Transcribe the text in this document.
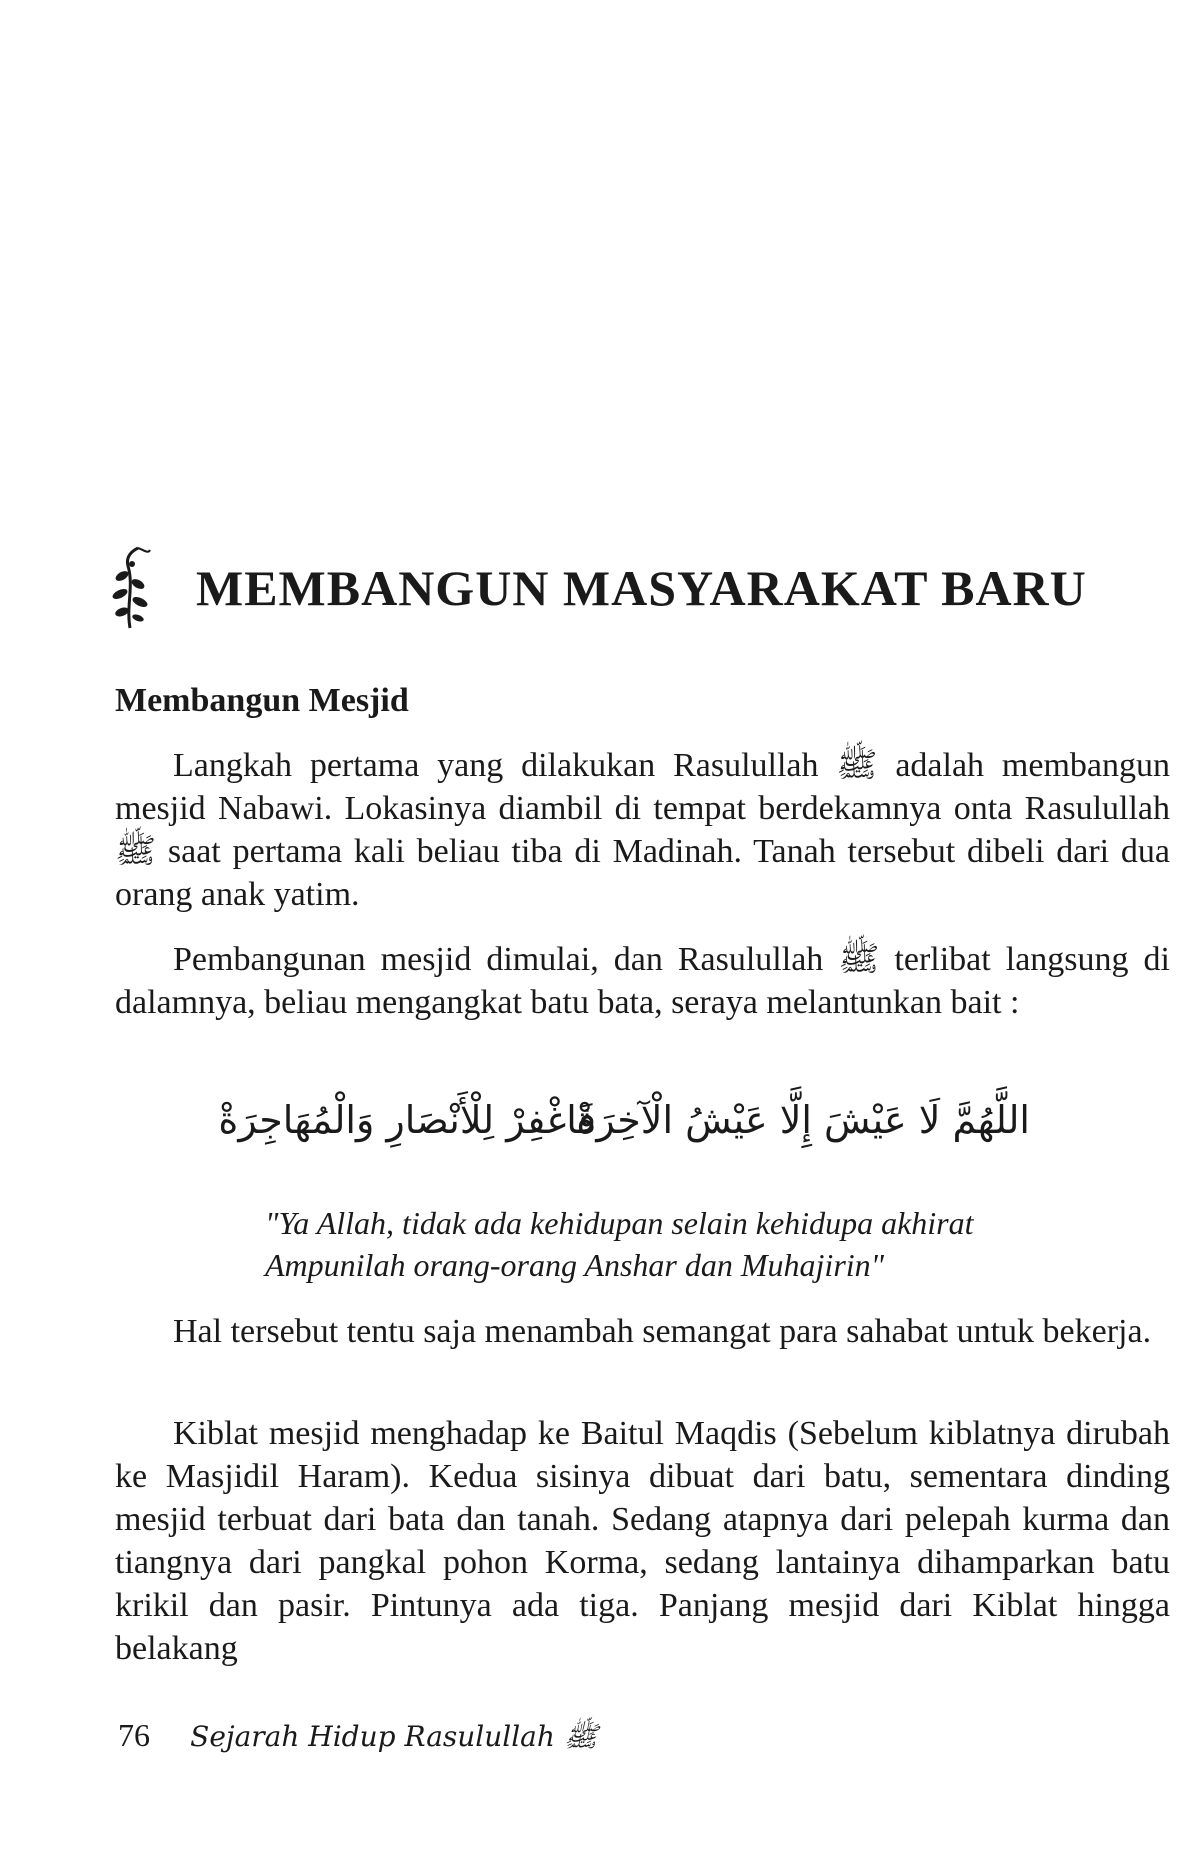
MEMBANGUN MASYARAKAT BARU
Membangun Mesjid

Langkah pertama yang dilakukan Rasulullah ﷺ adalah membangun mesjid Nabawi. Lokasinya diambil di tempat berdekamnya onta Rasulullah ﷺ saat pertama kali beliau tiba di Madinah. Tanah tersebut dibeli dari dua orang anak yatim.

Pembangunan mesjid dimulai, dan Rasulullah ﷺ terlibat langsung di dalamnya, beliau mengangkat batu bata, seraya melantunkan bait :

اللَّهُمَّ لَا عَيْشَ إِلَّا عَيْشُ الْآخِرَةْ
فَاغْفِرْ لِلْأَنْصَارِ وَالْمُهَاجِرَةْ

"Ya Allah, tidak ada kehidupan selain kehidupa akhirat

Ampunilah orang-orang Anshar dan Muhajirin"

Hal tersebut tentu saja menambah semangat para sahabat untuk bekerja.

Kiblat mesjid menghadap ke Baitul Maqdis (Sebelum kiblatnya dirubah ke Masjidil Haram). Kedua sisinya dibuat dari batu, sementara dinding mesjid terbuat dari bata dan tanah. Sedang atapnya dari pelepah kurma dan tiangnya dari pangkal pohon Korma, sedang lantainya dihamparkan batu krikil dan pasir. Pintunya ada tiga. Panjang mesjid dari Kiblat hingga belakang

76 Sejarah Hidup Rasulullah ﷺ
